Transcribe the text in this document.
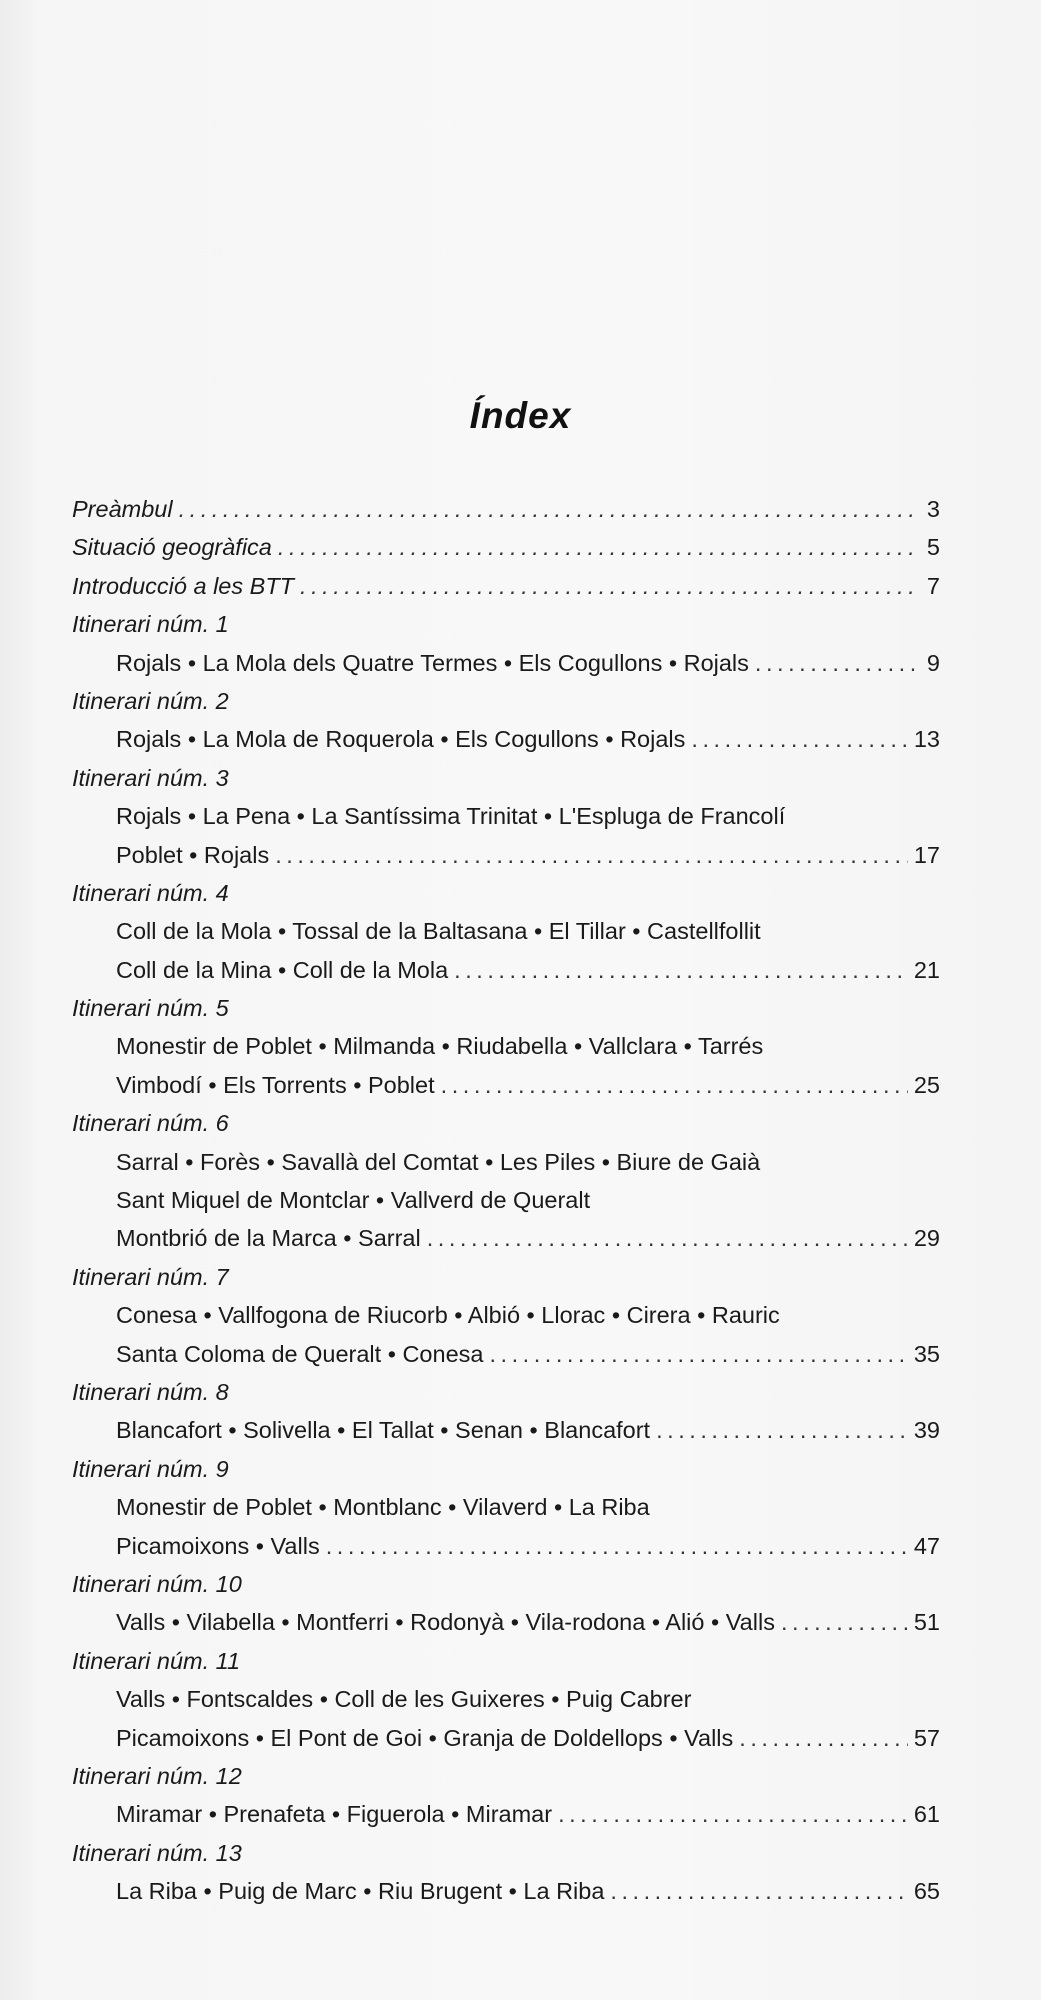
Índex
Preàmbul . . .	3
Situació geogràfica . . .	5
Introducció a les BTT . . .	7
Itinerari núm. 1
Rojals • La Mola dels Quatre Termes • Els Cogullons • Rojals . . .	9
Itinerari núm. 2
Rojals • La Mola de Roquerola • Els Cogullons • Rojals . . .	13
Itinerari núm. 3
Rojals • La Pena • La Santíssima Trinitat • L'Espluga de Francolí
Poblet • Rojals . . .	17
Itinerari núm. 4
Coll de la Mola • Tossal de la Baltasana • El Tillar • Castellfollit
Coll de la Mina • Coll de la Mola . . .	21
Itinerari núm. 5
Monestir de Poblet • Milmanda • Riudabella • Vallclara • Tarrés
Vimbodí • Els Torrents • Poblet . . .	25
Itinerari núm. 6
Sarral • Forès • Savallà del Comtat • Les Piles • Biure de Gaià
Sant Miquel de Montclar • Vallverd de Queralt
Montbrió de la Marca • Sarral . . .	29
Itinerari núm. 7
Conesa • Vallfogona de Riucorb • Albió • Llorac • Cirera • Rauric
Santa Coloma de Queralt • Conesa . . .	35
Itinerari núm. 8
Blancafort • Solivella • El Tallat • Senan • Blancafort . . .	39
Itinerari núm. 9
Monestir de Poblet • Montblanc • Vilaverd • La Riba
Picamoixons • Valls . . .	47
Itinerari núm. 10
Valls • Vilabella • Montferri • Rodonyà • Vila-rodona • Alió • Valls . . .	51
Itinerari núm. 11
Valls • Fontscaldes • Coll de les Guixeres • Puig Cabrer
Picamoixons • El Pont de Goi • Granja de Doldellops • Valls . . .	57
Itinerari núm. 12
Miramar • Prenafeta • Figuerola • Miramar . . .	61
Itinerari núm. 13
La Riba • Puig de Marc • Riu Brugent • La Riba . . .	65
